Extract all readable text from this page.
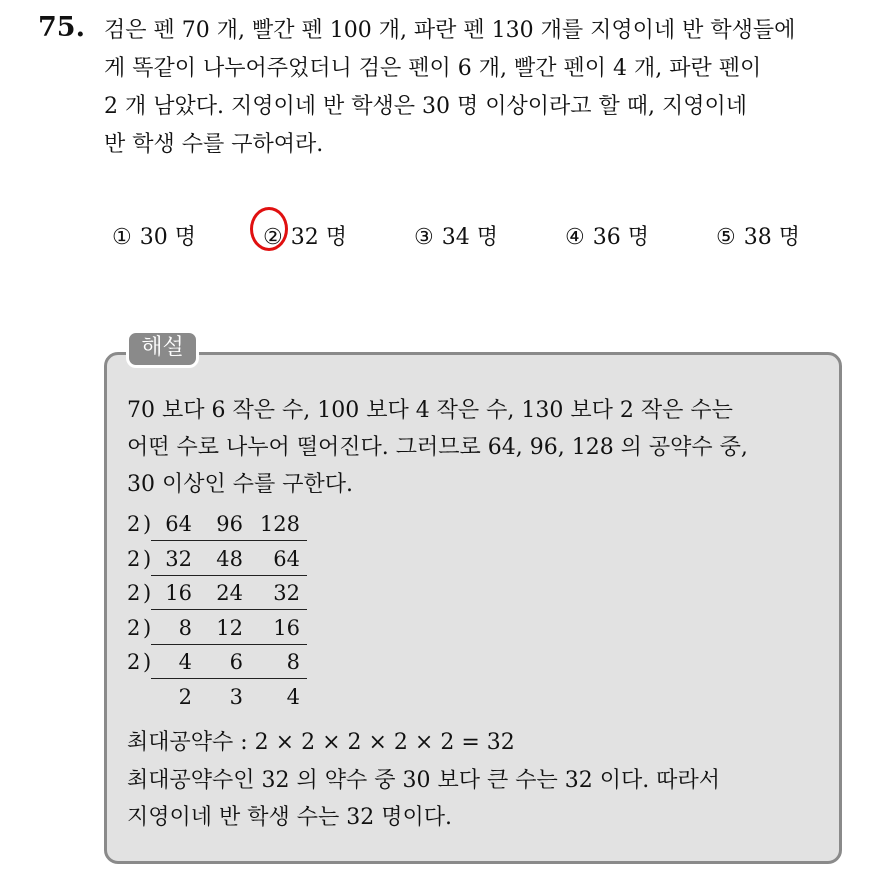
75. 검은 펜 70 개, 빨간 펜 100 개, 파란 펜 130 개를 지영이네 반 학생들에
게 똑같이 나누어주었더니 검은 펜이 6 개, 빨간 펜이 4 개, 파란 펜이
2 개 남았다. 지영이네 반 학생은 30 명 이상이라고 할 때, 지영이네
반 학생 수를 구하여라.
① 30 명	② 32 명	③ 34 명	④ 36 명	⑤ 38 명
해설
70 보다 6 작은 수, 100 보다 4 작은 수, 130 보다 2 작은 수는
어떤 수로 나누어 떨어진다. 그러므로 64, 96, 128 의 공약수 중,
30 이상인 수를 구한다.
2 ) 64	96 128
2 ) 32	48	64
2 ) 16	24	32
2 )	8	12	16
2 )	4	6	8
2	3	4
최대공약수 : 2 × 2 × 2 × 2 × 2 = 32
최대공약수인 32 의 약수 중 30 보다 큰 수는 32 이다. 따라서
지영이네 반 학생 수는 32 명이다.
